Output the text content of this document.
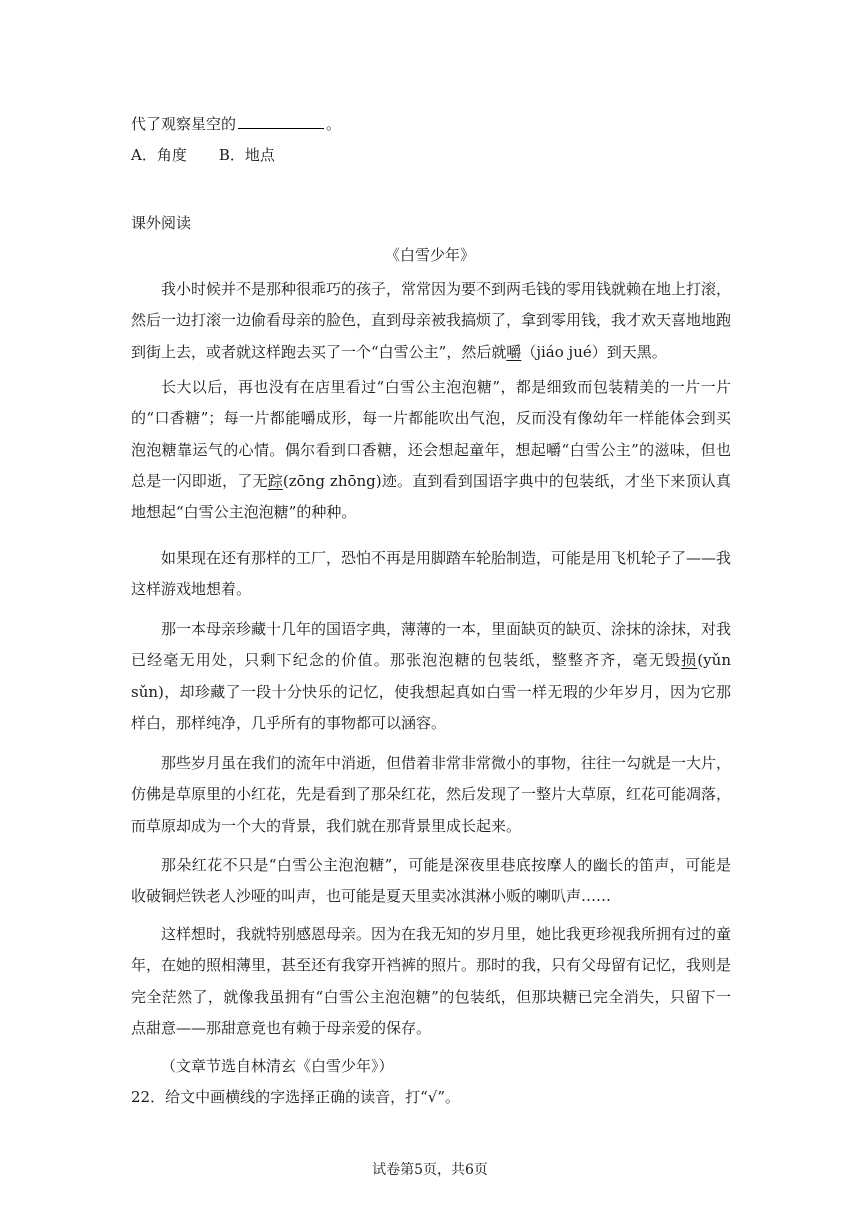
代了观察星空的	。
A．角度 B．地点
课外阅读
《白雪少年》
我小时候并不是那种很乖巧的孩子，常常因为要不到两毛钱的零用钱就赖在地上打滚，然后一边打滚一边偷看母亲的脸色，直到母亲被我搞烦了，拿到零用钱，我才欢天喜地地跑到街上去，或者就这样跑去买了一个“白雪公主”，然后就嚼（jiáo jué）到天黑。
长大以后，再也没有在店里看过“白雪公主泡泡糖”，都是细致而包装精美的一片一片的“口香糖”；每一片都能嚼成形，每一片都能吹出气泡，反而没有像幼年一样能体会到买泡泡糖靠运气的心情。偶尔看到口香糖，还会想起童年，想起嚼“白雪公主”的滋味，但也总是一闪即逝，了无踪(zōng zhōng)迹。直到看到国语字典中的包装纸，才坐下来顶认真地想起“白雪公主泡泡糖”的种种。
如果现在还有那样的工厂，恐怕不再是用脚踏车轮胎制造，可能是用飞机轮子了——我这样游戏地想着。
那一本母亲珍藏十几年的国语字典，薄薄的一本，里面缺页的缺页、涂抹的涂抹，对我已经毫无用处，只剩下纪念的价值。那张泡泡糖的包装纸，整整齐齐，毫无毁损(yǔn sǔn)，却珍藏了一段十分快乐的记忆，使我想起真如白雪一样无瑕的少年岁月，因为它那样白，那样纯净，几乎所有的事物都可以涵容。
那些岁月虽在我们的流年中消逝，但借着非常非常微小的事物，往往一勾就是一大片，仿佛是草原里的小红花，先是看到了那朵红花，然后发现了一整片大草原，红花可能凋落，而草原却成为一个大的背景，我们就在那背景里成长起来。
那朵红花不只是“白雪公主泡泡糖”，可能是深夜里巷底按摩人的幽长的笛声，可能是收破铜烂铁老人沙哑的叫声，也可能是夏天里卖冰淇淋小贩的喇叭声……
这样想时，我就特别感恩母亲。因为在我无知的岁月里，她比我更珍视我所拥有过的童年，在她的照相薄里，甚至还有我穿开裆裤的照片。那时的我，只有父母留有记忆，我则是完全茫然了，就像我虽拥有“白雪公主泡泡糖”的包装纸，但那块糖已完全消失，只留下一点甜意——那甜意竟也有赖于母亲爱的保存。
（文章节选自林清玄《白雪少年》）
22．给文中画横线的字选择正确的读音，打“√”。
试卷第5页，共6页
